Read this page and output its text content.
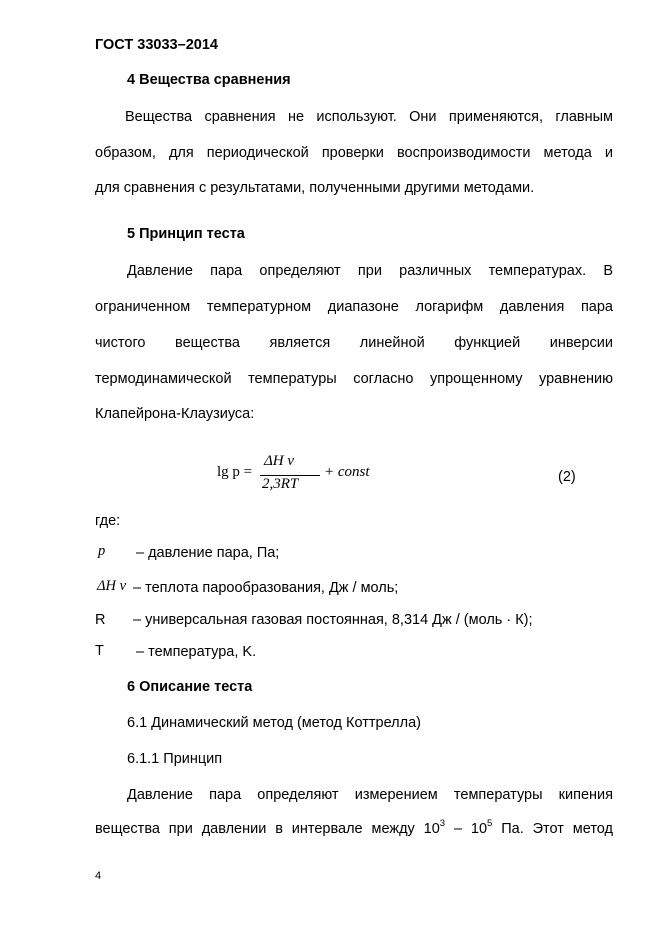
ГОСТ 33033–2014
4 Вещества сравнения
Вещества сравнения не используют. Они применяются, главным
образом, для периодической проверки воспроизводимости метода и
для сравнения с результатами, полученными другими методами.
5 Принцип теста
Давление пара определяют при различных температурах. В
ограниченном температурном диапазоне логарифм давления пара
чистого вещества является линейной функцией инверсии
термодинамической температуры согласно упрощенному уравнению
Клапейрона-Клаузиуса:
lg p =
ΔH v
2,3RT
+ const	(2)
где:
p – давление пара, Па;
ΔH v – теплота парообразования, Дж / моль;
R – универсальная газовая постоянная, 8,314 Дж / (моль · К);
T – температура, K.
6 Описание теста
6.1 Динамический метод (метод Коттрелла)
6.1.1 Принцип
Давление пара определяют измерением температуры кипения
вещества при давлении в интервале между $10^3 - 10^5$ Па. Этот метод
4
